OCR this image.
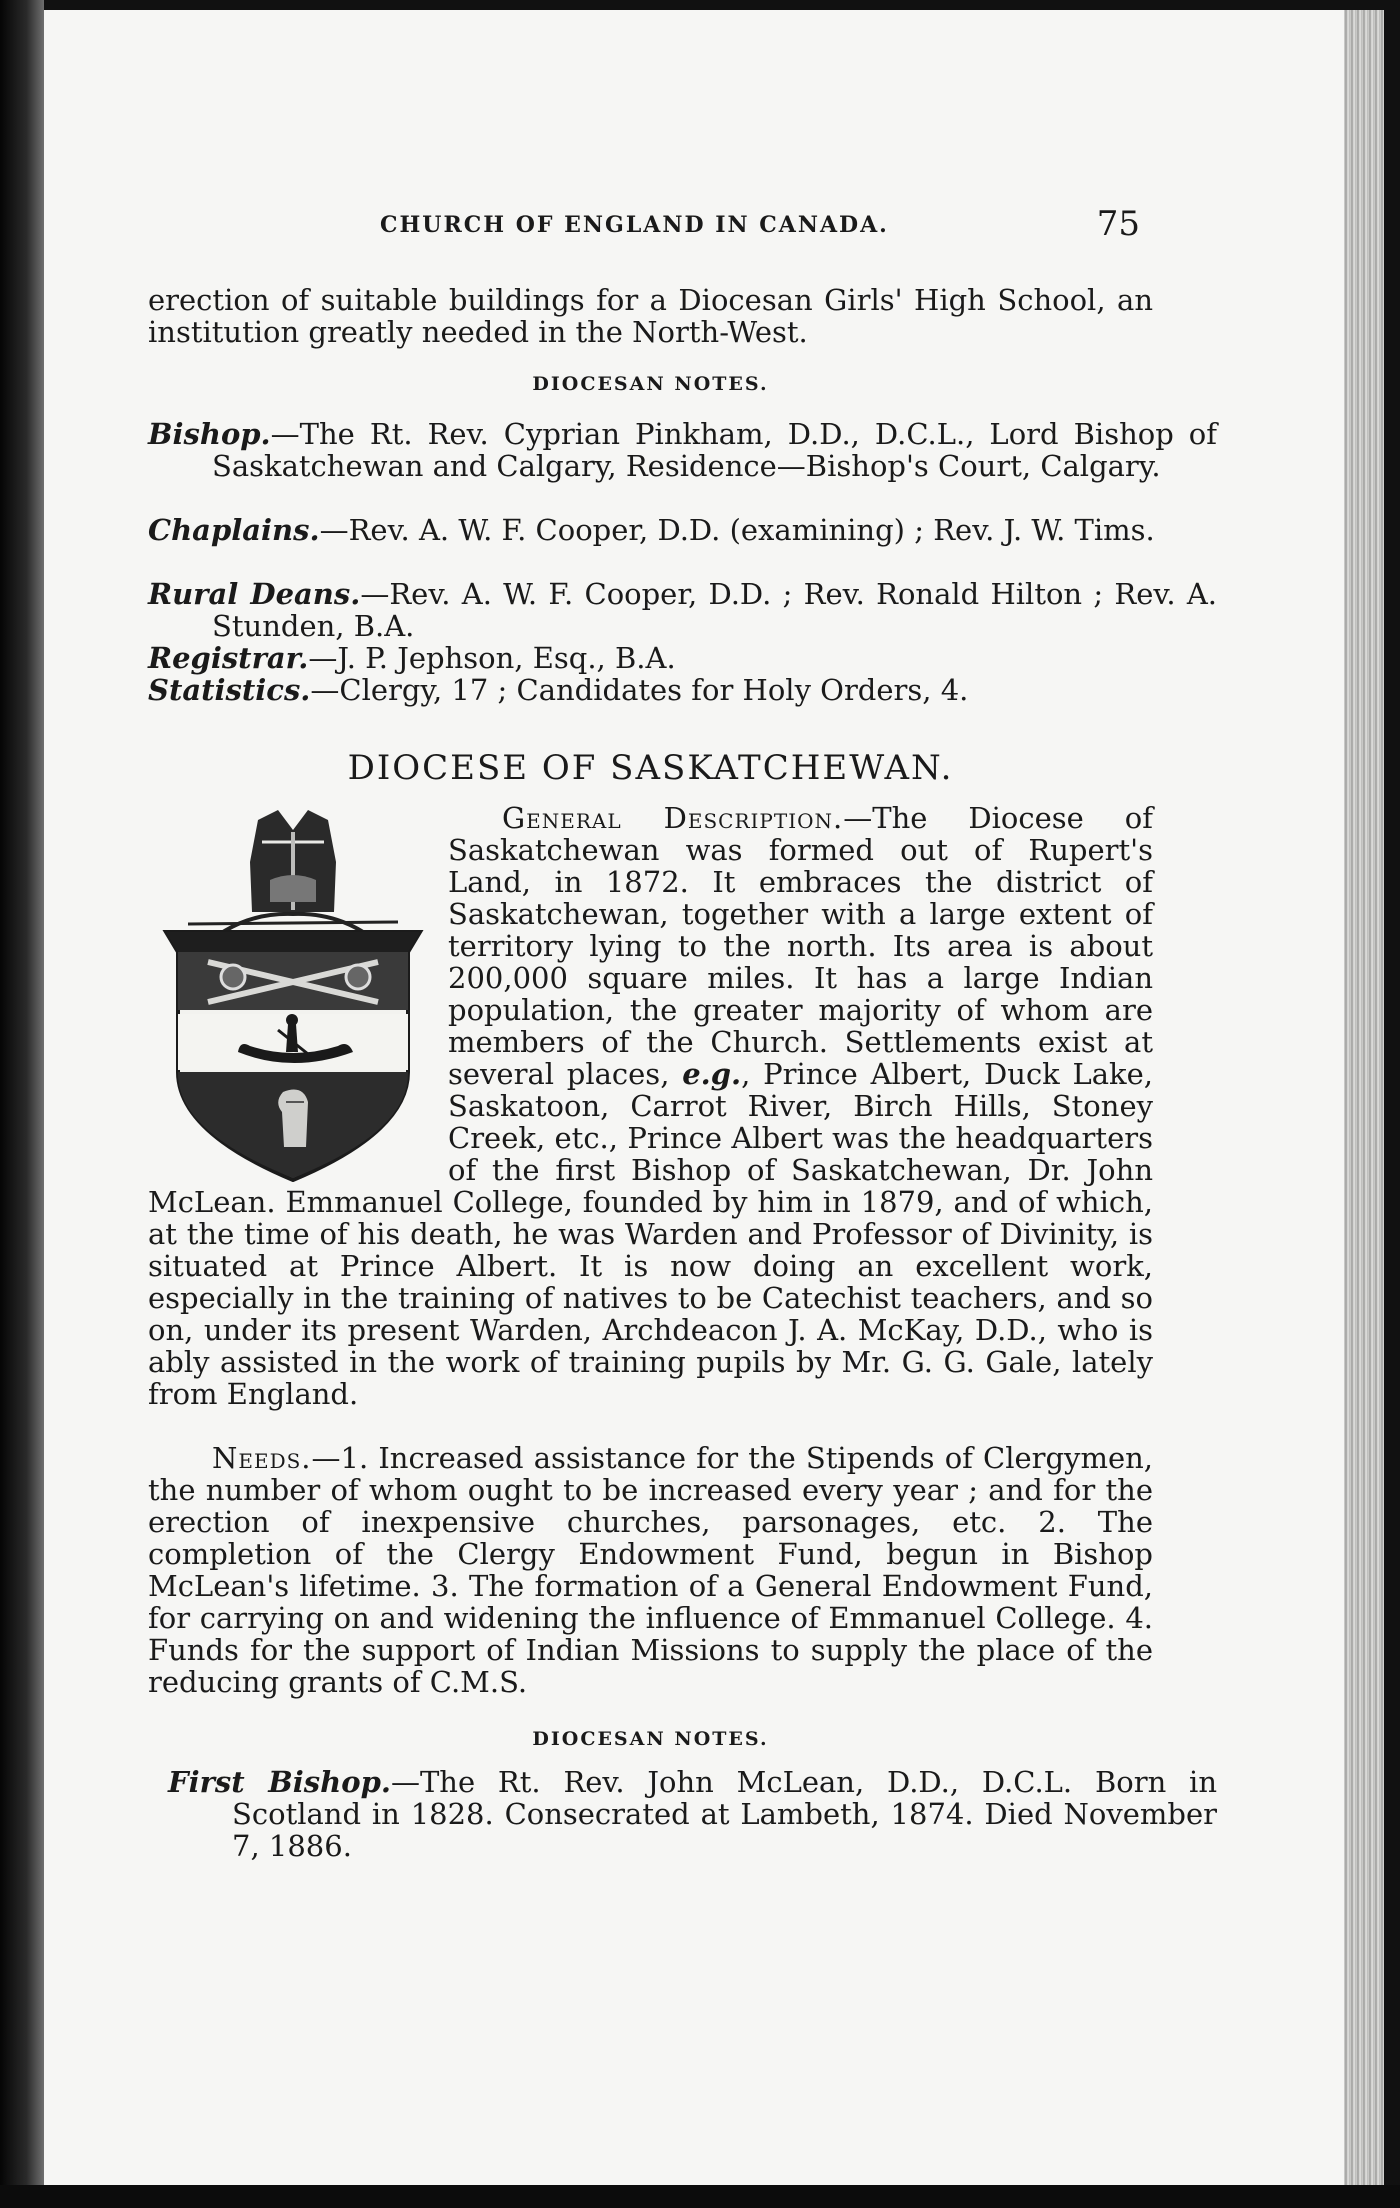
CHURCH OF ENGLAND IN CANADA.	75
erection of suitable buildings for a Diocesan Girls' High School, an institution greatly needed in the North-West.
DIOCESAN NOTES.
Bishop.—The Rt. Rev. Cyprian Pinkham, D.D., D.C.L., Lord Bishop of Saskatchewan and Calgary, Residence—Bishop's Court, Calgary.
Chaplains.—Rev. A. W. F. Cooper, D.D. (examining) ; Rev. J. W. Tims.
Rural Deans.—Rev. A. W. F. Cooper, D.D. ; Rev. Ronald Hilton ; Rev. A. Stunden, B.A.
Registrar.—J. P. Jephson, Esq., B.A.
Statistics.—Clergy, 17 ; Candidates for Holy Orders, 4.
DIOCESE OF SASKATCHEWAN.
General Description.—The Diocese of Saskatchewan was formed out of Rupert's Land, in 1872. It embraces the district of Saskatchewan, together with a large extent of territory lying to the north. Its area is about 200,000 square miles. It has a large Indian population, the greater majority of whom are members of the Church. Settlements exist at several places, e.g., Prince Albert, Duck Lake, Saskatoon, Carrot River, Birch Hills, Stoney Creek, etc., Prince Albert was the headquarters of the first Bishop of Saskatchewan, Dr. John McLean. Emmanuel College, founded by him in 1879, and of which, at the time of his death, he was Warden and Professor of Divinity, is situated at Prince Albert. It is now doing an excellent work, especially in the training of natives to be Catechist teachers, and so on, under its present Warden, Archdeacon J. A. McKay, D.D., who is ably assisted in the work of training pupils by Mr. G. G. Gale, lately from England.
Needs.—1. Increased assistance for the Stipends of Clergymen, the number of whom ought to be increased every year ; and for the erection of inexpensive churches, parsonages, etc. 2. The completion of the Clergy Endowment Fund, begun in Bishop McLean's lifetime. 3. The formation of a General Endowment Fund, for carrying on and widening the influence of Emmanuel College. 4. Funds for the support of Indian Missions to supply the place of the reducing grants of C.M.S.
DIOCESAN NOTES.
First Bishop.—The Rt. Rev. John McLean, D.D., D.C.L. Born in Scotland in 1828. Consecrated at Lambeth, 1874. Died November 7, 1886.
